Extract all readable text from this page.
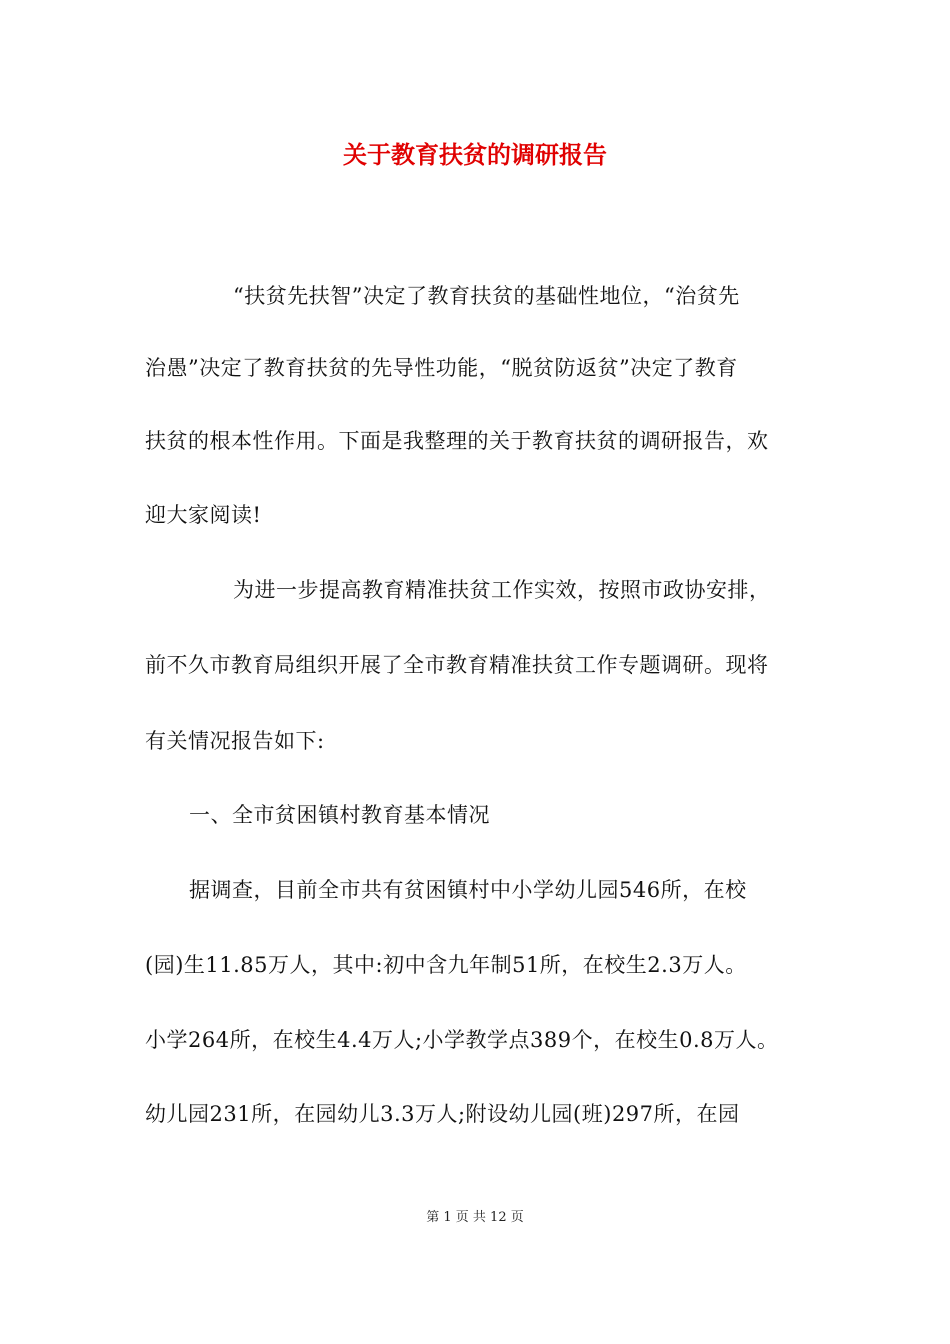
关于教育扶贫的调研报告
“扶贫先扶智”决定了教育扶贫的基础性地位，“治贫先
治愚”决定了教育扶贫的先导性功能，“脱贫防返贫”决定了教育
扶贫的根本性作用。下面是我整理的关于教育扶贫的调研报告，欢
迎大家阅读!
为进一步提高教育精准扶贫工作实效，按照市政协安排，
前不久市教育局组织开展了全市教育精准扶贫工作专题调研。现将
有关情况报告如下:
一、全市贫困镇村教育基本情况
据调查，目前全市共有贫困镇村中小学幼儿园546所，在校
(园)生11.85万人，其中:初中含九年制51所，在校生2.3万人。
小学264所，在校生4.4万人;小学教学点389个，在校生0.8万人。
幼儿园231所，在园幼儿3.3万人;附设幼儿园(班)297所，在园
第 1 页 共 12 页
